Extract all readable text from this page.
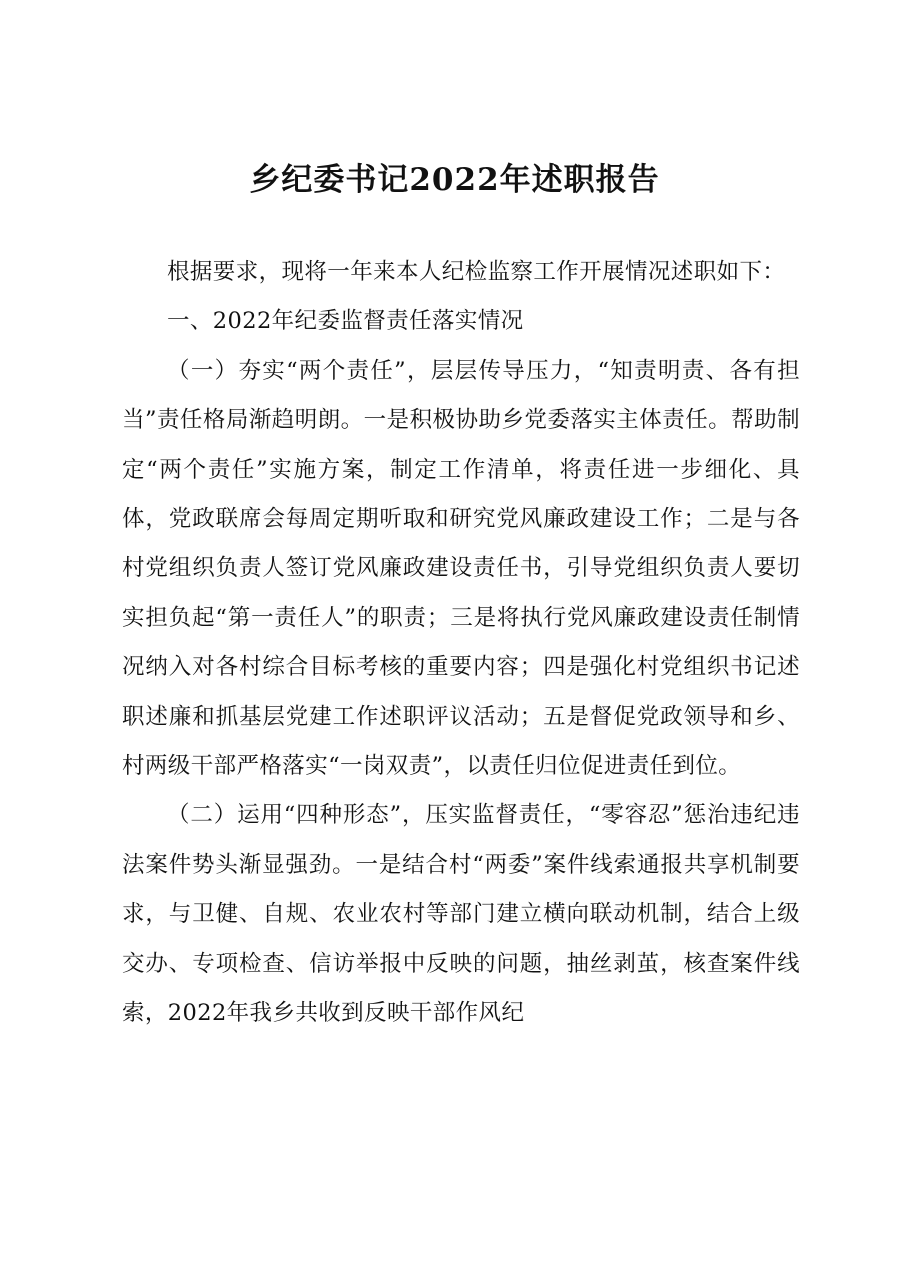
乡纪委书记2022年述职报告

根据要求，现将一年来本人纪检监察工作开展情况述职如下：

一、2022年纪委监督责任落实情况

（一）夯实“两个责任”，层层传导压力，“知责明责、各有担当”责任格局渐趋明朗。一是积极协助乡党委落实主体责任。帮助制定“两个责任”实施方案，制定工作清单，将责任进一步细化、具体，党政联席会每周定期听取和研究党风廉政建设工作；二是与各村党组织负责人签订党风廉政建设责任书，引导党组织负责人要切实担负起“第一责任人”的职责；三是将执行党风廉政建设责任制情况纳入对各村综合目标考核的重要内容；四是强化村党组织书记述职述廉和抓基层党建工作述职评议活动；五是督促党政领导和乡、村两级干部严格落实“一岗双责”，以责任归位促进责任到位。

（二）运用“四种形态”，压实监督责任，“零容忍”惩治违纪违法案件势头渐显强劲。一是结合村“两委”案件线索通报共享机制要求，与卫健、自规、农业农村等部门建立横向联动机制，结合上级交办、专项检查、信访举报中反映的问题，抽丝剥茧，核查案件线索，2022年我乡共收到反映干部作风纪
